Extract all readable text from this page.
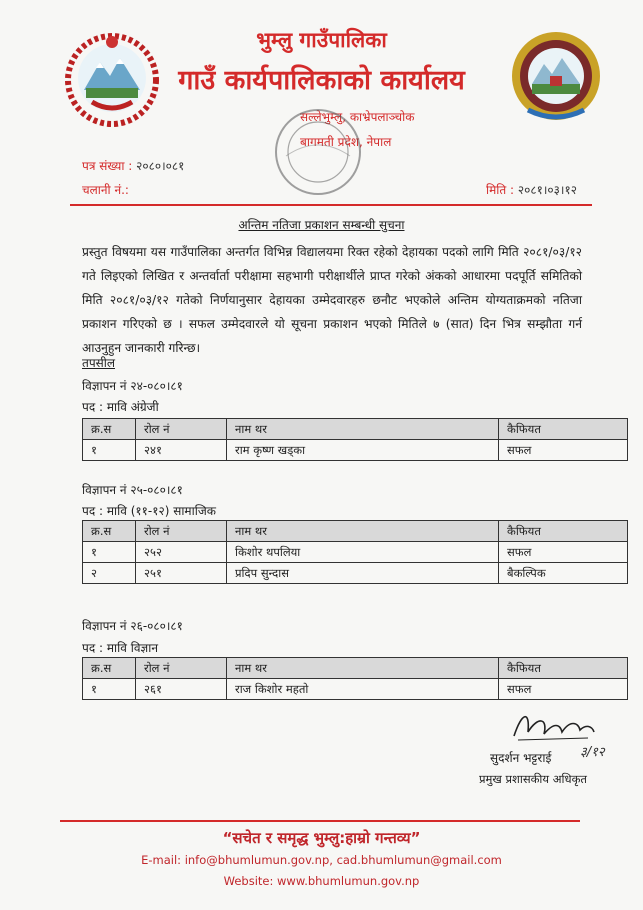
भुम्लु गाउँपालिका
गाउँ कार्यपालिकाको कार्यालय
सल्लेभुम्लु, काभ्रेपलाञ्चोक
बागमती प्रदेश, नेपाल
पत्र संख्या : २०८०।०८१
चलानी नं.:	मिति : २०८१।०३।१२
अन्तिम नतिजा प्रकाशन सम्बन्धी सुचना
प्रस्तुत विषयमा यस गाउँपालिका अन्तर्गत विभिन्न विद्यालयमा रिक्त रहेको देहायका पदको लागि मिति २०८१/०३/१२ गते लिइएको लिखित र अन्तर्वार्ता परीक्षामा सहभागी परीक्षार्थीले प्राप्त गरेको अंकको आधारमा पदपूर्ति समितिको मिति २०८१/०३/१२ गतेको निर्णयानुसार देहायका उम्मेदवारहरु छनौट भएकोले अन्तिम योग्यताक्रमको नतिजा प्रकाशन गरिएको छ । सफल उम्मेदवारले यो सूचना प्रकाशन भएको मितिले ७ (सात) दिन भित्र सम्झौता गर्न आउनुहुन जानकारी गरिन्छ।
तपसील
विज्ञापन नं २४-०८०।८१
पद : मावि अंग्रेजी
क्र.स	रोल नं	नाम थर	कैफियत
१	२४१	राम कृष्ण खड्का	सफल
विज्ञापन नं २५-०८०।८१
पद : मावि (११-१२) सामाजिक
क्र.स	रोल नं	नाम थर	कैफियत
१	२५२	किशोर थपलिया	सफल
२	२५१	प्रदिप सुन्दास	बैकल्पिक
विज्ञापन नं २६-०८०।८१
पद : मावि विज्ञान
क्र.स	रोल नं	नाम थर	कैफियत
१	२६१	राज किशोर महतो	सफल
सुदर्शन भट्टराई ३/१२
प्रमुख प्रशासकीय अधिकृत
“सचेत र समृद्ध भुम्लु:हाम्रो गन्तव्य”
E-mail: info@bhumlumun.gov.np, cad.bhumlumun@gmail.com
Website: www.bhumlumun.gov.np
